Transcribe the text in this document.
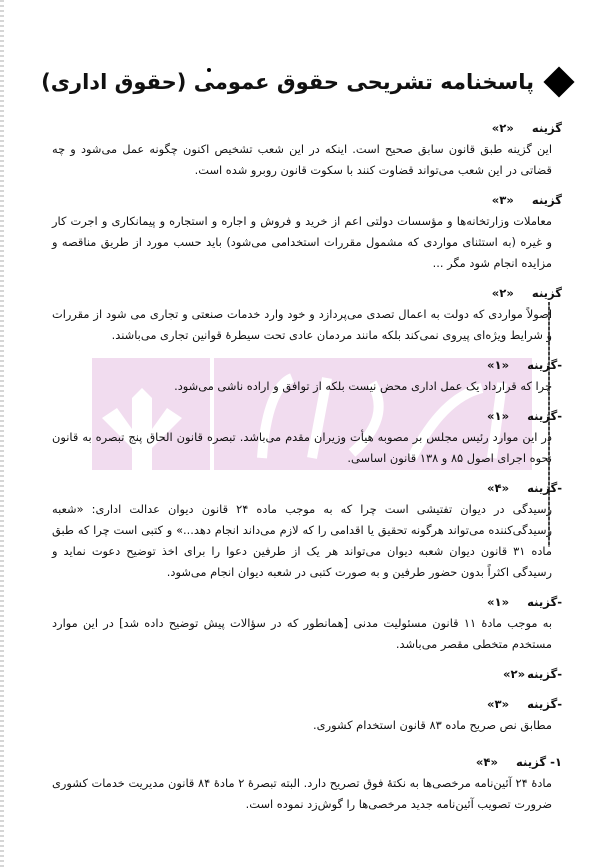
پاسخنامه تشریحی حقوق عمومی (حقوق اداری)
گزینه «۲»

این گزینه طبق قانون سابق صحیح است. اینکه در این شعب تشخیص اکنون چگونه عمل می‌شود و چه قضاتی در این شعب می‌تواند قضاوت کنند با سکوت قانون روبرو شده است.

گزینه «۳»

معاملات وزارتخانه‌ها و مؤسسات دولتی اعم از خرید و فروش و اجاره و استجاره و پیمانکاری و اجرت کار و غیره (به استثنای مواردی که مشمول مقررات استخدامی می‌شود) باید حسب مورد از طریق مناقصه و مزایده انجام شود مگر ...

گزینه «۲»

اصولاً مواردی که دولت به اعمال تصدی می‌پردازد و خود وارد خدمات صنعتی و تجاری می شود از مقررات و شرایط ویژه‌ای پیروی نمی‌کند بلکه مانند مردمان عادی تحت سیطرهٔ قوانین تجاری می‌باشند.

-گزینه «۱»

چرا که قرارداد یک عمل اداری محض نیست بلکه از توافق و اراده ناشی می‌شود.

-گزینه «۱»

در این موارد رئیس مجلس بر مصوبه هیأت وزیران مقدم می‌باشد. تبصره قانون الحاق پنج تبصره به قانون نحوه اجرای اصول ۸۵ و ۱۳۸ قانون اساسی.

-گزینه «۴»

رسیدگی در دیوان تفتیشی است چرا که به موجب ماده ۲۴ قانون دیوان عدالت اداری: «شعبه رسیدگی‌کننده می‌تواند هرگونه تحقیق یا اقدامی را که لازم می‌داند انجام دهد...» و کتبی است چرا که طبق ماده ۳۱ قانون دیوان شعبه دیوان می‌تواند هر یک از طرفین دعوا را برای اخذ توضیح دعوت نماید و رسیدگی اکثراً بدون حضور طرفین و به صورت کتبی در شعبه دیوان انجام می‌شود.

-گزینه «۱»

به موجب مادهٔ ۱۱ قانون مسئولیت مدنی [همانطور که در سؤالات پیش توضیح داده شد] در این موارد مستخدم متخطی مقصر می‌باشد.

-گزینه«۲»
-گزینه «۳»

مطابق نص صریح ماده ۸۳ قانون استخدام کشوری.

۱- گزینه «۴»

مادهٔ ۲۴ آئین‌نامه مرخصی‌ها به نکتهٔ فوق تصریح دارد. البته تبصرهٔ ۲ مادهٔ ۸۴ قانون مدیریت خدمات کشوری ضرورت تصویب آئین‌نامه جدید مرخصی‌ها را گوش‌زد نموده است.
